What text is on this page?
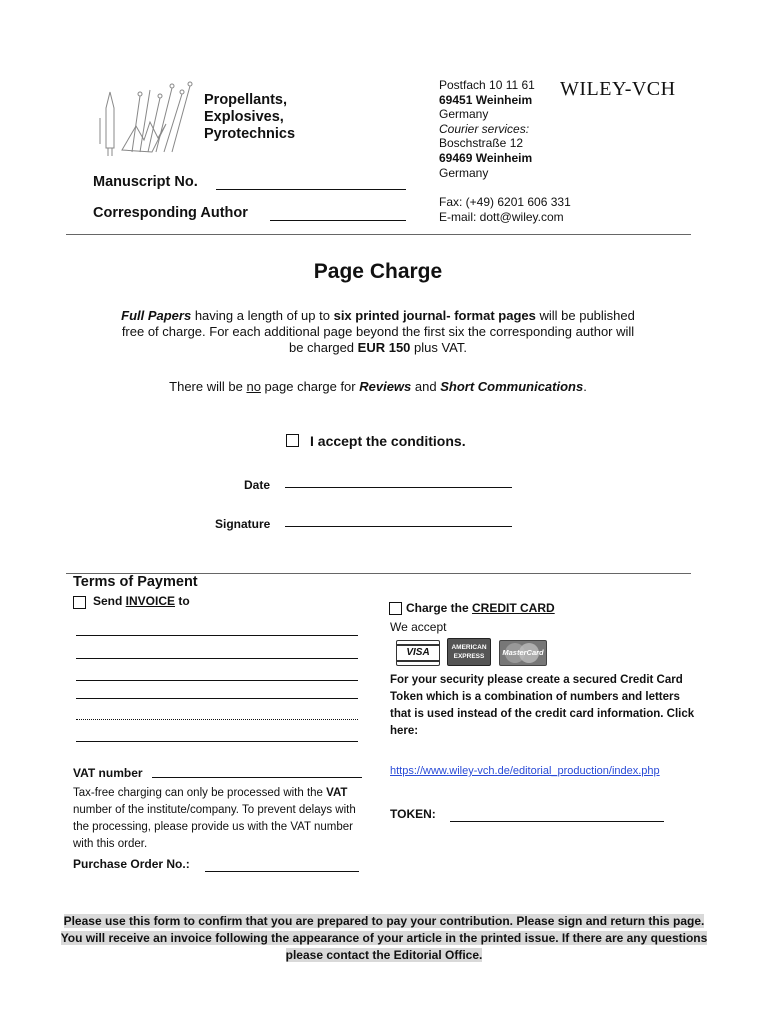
Propellants,
Explosives,
Pyrotechnics
Postfach 10 11 61
69451 Weinheim
Germany
Courier services:
Boschstraße 12
69469 Weinheim
Germany
Fax: (+49) 6201 606 331
E-mail: dott@wiley.com
WILEY-VCH
Manuscript No.
Corresponding Author
Page Charge
Full Papers having a length of up to six printed journal- format pages will be published free of charge. For each additional page beyond the first six the corresponding author will be charged EUR 150 plus VAT.
There will be no page charge for Reviews and Short Communications.
I accept the conditions.
Date
Signature
Terms of Payment
Send INVOICE to
VAT number
Tax-free charging can only be processed with the VAT number of the institute/company. To prevent delays with the processing, please provide us with the VAT number with this order.
Purchase Order No.:
Charge the CREDIT CARD
We accept
VISA	AMERICAN EXPRESS	MasterCard
For your security please create a secured Credit Card Token which is a combination of numbers and letters that is used instead of the credit card information. Click here:
https://www.wiley-vch.de/editorial_production/index.php
TOKEN:
Please use this form to confirm that you are prepared to pay your contribution. Please sign and return this page. You will receive an invoice following the appearance of your article in the printed issue. If there are any questions please contact the Editorial Office.
